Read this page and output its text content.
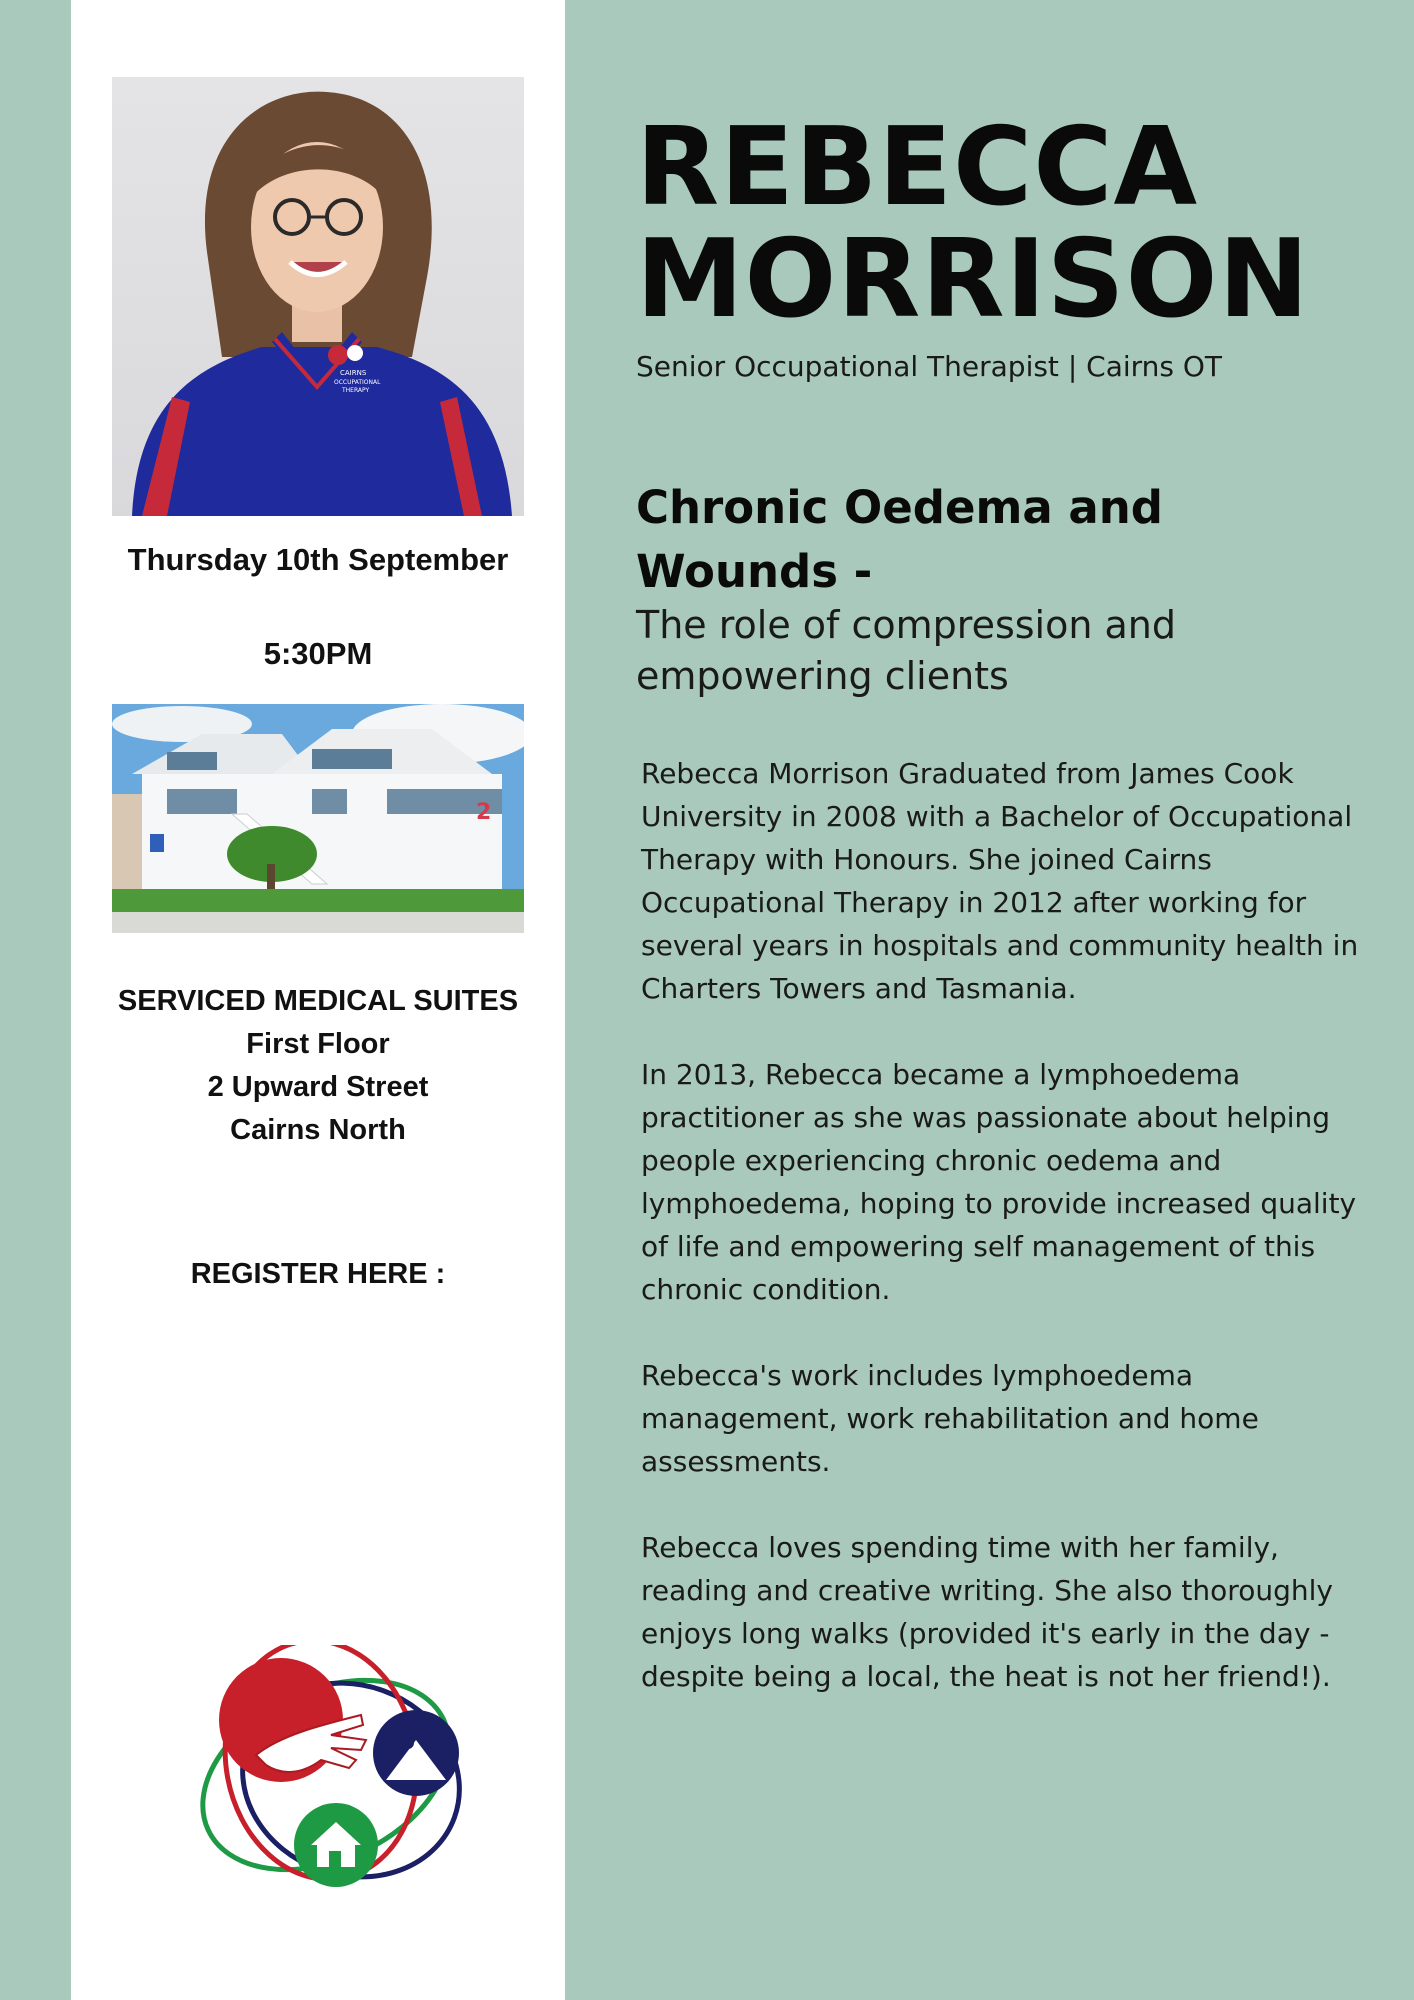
CAIRNS
OCCUPATIONAL
THERAPY
Thursday 10th September
5:30PM
2
SERVICED MEDICAL SUITES
First Floor
2 Upward Street
Cairns North
REGISTER HERE :
REBECCA
MORRISON
Senior Occupational Therapist | Cairns OT
Chronic Oedema and
Wounds -
The role of compression and
empowering clients

Rebecca Morrison Graduated from James Cook University in 2008 with a Bachelor of Occupational Therapy with Honours. She joined Cairns Occupational Therapy in 2012 after working for several years in hospitals and community health in Charters Towers and Tasmania.

In 2013, Rebecca became a lymphoedema practitioner as she was passionate about helping people experiencing chronic oedema and lymphoedema, hoping to provide increased quality of life and empowering self management of this chronic condition.

Rebecca's work includes lymphoedema management, work rehabilitation and home assessments.

Rebecca loves spending time with her family, reading and creative writing. She also thoroughly enjoys long walks (provided it's early in the day - despite being a local, the heat is not her friend!).
